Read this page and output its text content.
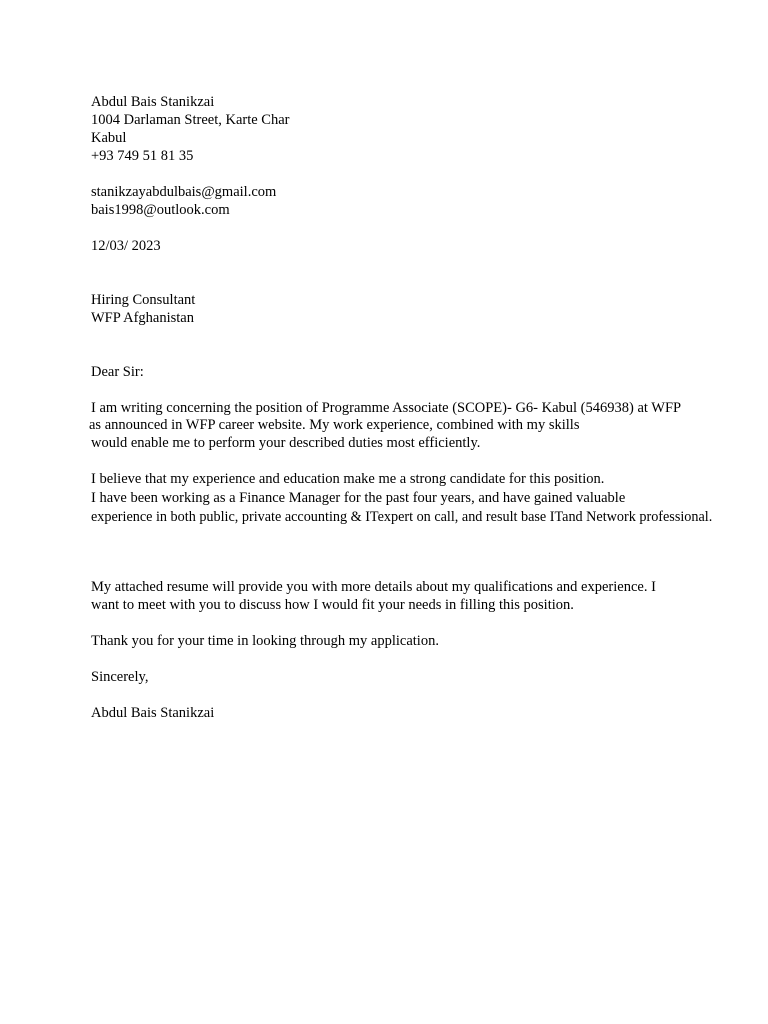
Abdul Bais Stanikzai

1004 Darlaman Street, Karte Char

Kabul

+93 749 51 81 35

stanikzayabdulbais@gmail.com

bais1998@outlook.com

12/03/ 2023

Hiring Consultant

WFP Afghanistan

Dear Sir:

I am writing concerning the position of Programme Associate (SCOPE)- G6- Kabul (546938) at WFP

as announced in WFP career website. My work experience, combined with my skills

would enable me to perform your described duties most efficiently.

I believe that my experience and education make me a strong candidate for this position.

I have been working as a Finance Manager for the past four years, and have gained valuable

experience in both public, private accounting & ITexpert on call, and result base ITand Network professional.

My attached resume will provide you with more details about my qualifications and experience. I

want to meet with you to discuss how I would fit your needs in filling this position.

Thank you for your time in looking through my application.

Sincerely,

Abdul Bais Stanikzai
